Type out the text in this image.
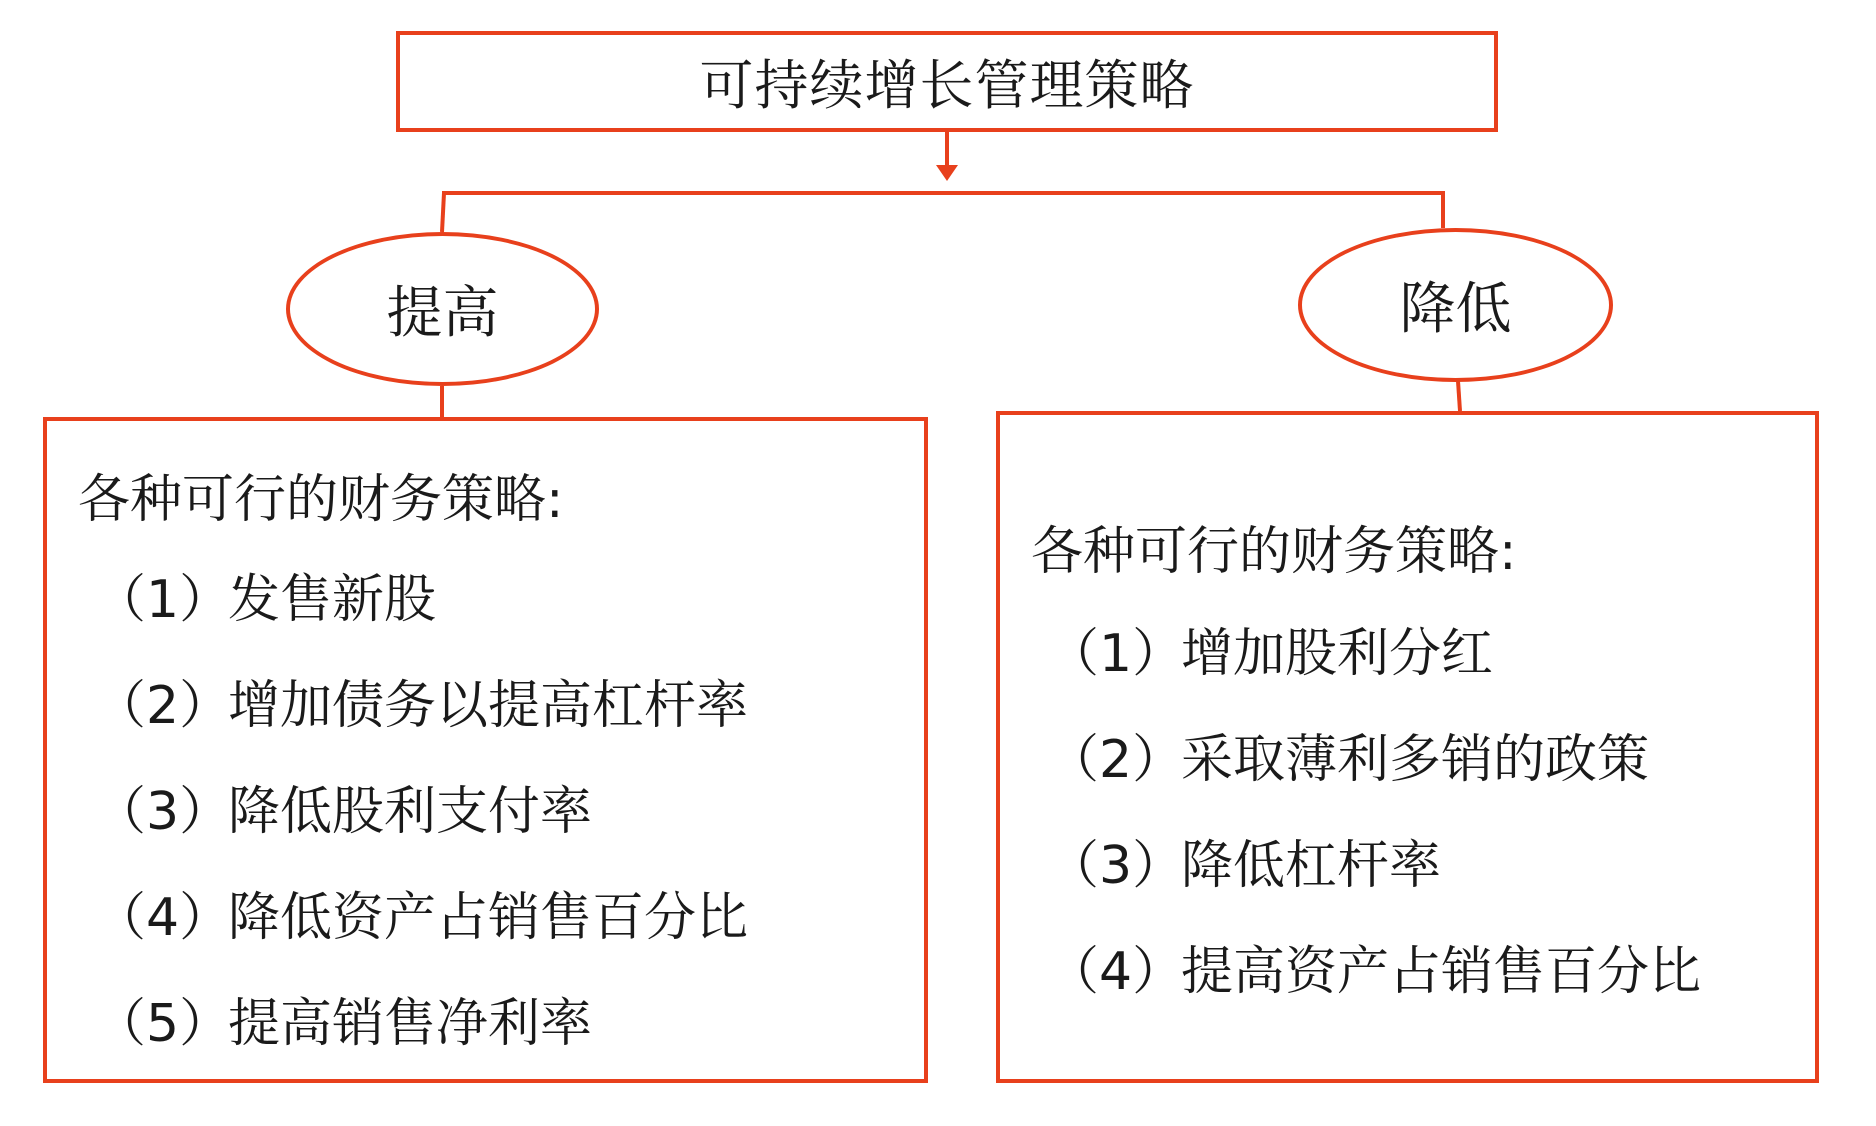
可持续增长管理策略
提高	降低
各种可行的财务策略:
（1）
发售新股
（2）
增加债务以提高杠杆率
（3）
降低股利支付率
（4）
降低资产占销售百分比
（5）
提高销售净利率
各种可行的财务策略:
（1）
增加股利分红
（2）
采取薄利多销的政策
（3）
降低杠杆率
（4）
提高资产占销售百分比
